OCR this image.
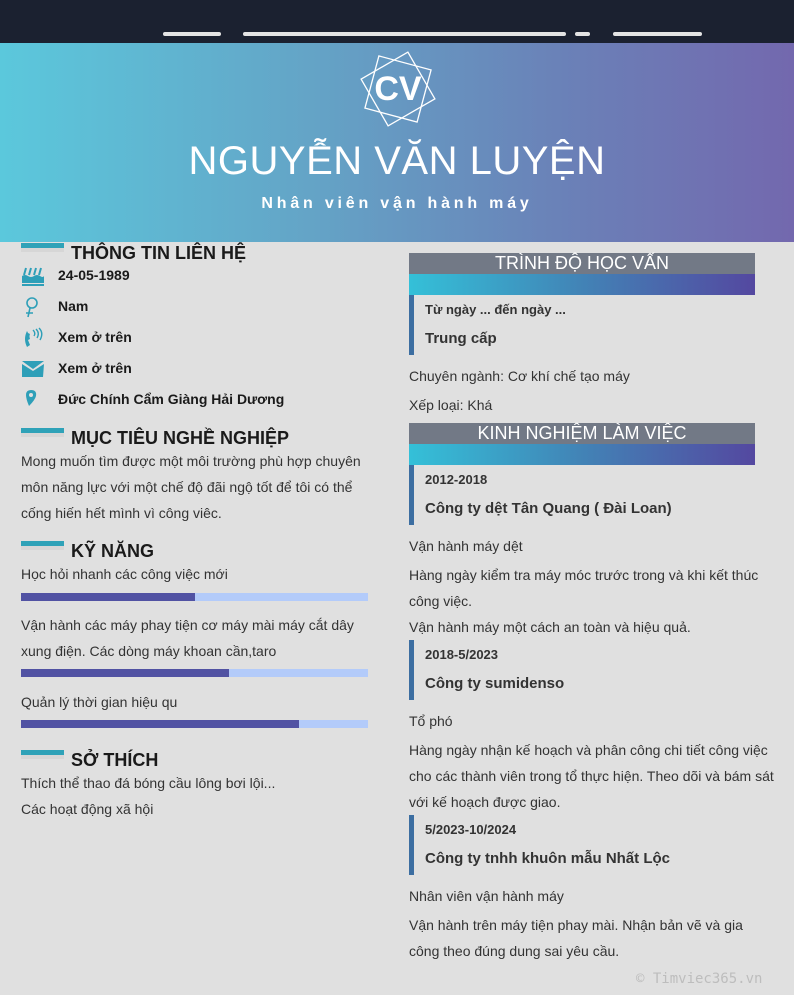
CV
NGUYỄN VĂN LUYỆN
Nhân viên vận hành máy
THÔNG TIN LIÊN HỆ
24-05-1989
Nam
Xem ở trên
Xem ở trên
Đức Chính Cẩm Giàng Hải Dương
MỤC TIÊU NGHỀ NGHIỆP
Mong muốn tìm được một môi trường phù hợp chuyên môn năng lực với một chế độ đãi ngộ tốt để tôi có thể cống hiến hết mình vì công viêc.
KỸ NĂNG
Học hỏi nhanh các công việc mới
Vận hành các máy phay tiện cơ máy mài máy cắt dây xung điện. Các dòng máy khoan cần,taro
Quản lý thời gian hiệu qu
SỞ THÍCH
Thích thể thao đá bóng cầu lông bơi lội...
Các hoạt động xã hội
TRÌNH ĐỘ HỌC VẤN
Từ ngày ... đến ngày ...
Trung cấp
Chuyên ngành: Cơ khí chế tạo máy
Xếp loại: Khá
KINH NGHIỆM LÀM VIỆC
2012-2018
Công ty dệt Tân Quang ( Đài Loan)
Vận hành máy dệt
Hàng ngày kiểm tra máy móc trước trong và khi kết thúc công việc.
Vận hành máy một cách an toàn và hiệu quả.
2018-5/2023
Công ty sumidenso
Tổ phó
Hàng ngày nhận kế hoạch và phân công chi tiết công việc cho các thành viên trong tổ thực hiện. Theo dõi và bám sát với kế hoạch được giao.
5/2023-10/2024
Công ty tnhh khuôn mẫu Nhất Lộc
Nhân viên vận hành máy
Vận hành trên máy tiện phay mài. Nhận bản vẽ và gia công theo đúng dung sai yêu cầu.
© Timviec365.vn
